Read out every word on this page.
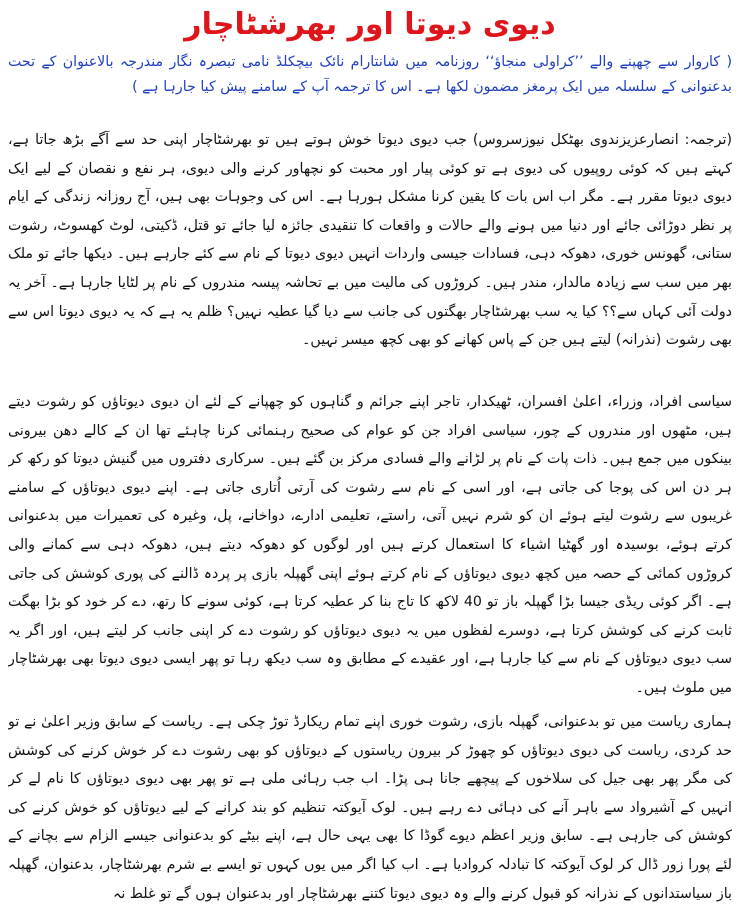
دیوی دیوتا اور بھرشٹاچار

( کاروار سے چھپنے والے ’’کراولی منجاؤ‘‘ روزنامہ میں شانتارام نائک بیچکلڈ نامی تبصرہ نگار مندرجہ بالاعنوان کے تحت بدعنوانی کے سلسلہ میں ایک پرمغز مضمون لکھا ہے۔ اس کا ترجمہ آپ کے سامنے پیش کیا جارہا ہے )

(ترجمہ: انصارعزیزندوی بھٹکل نیوزسروس) جب دیوی دیوتا خوش ہوتے ہیں تو بھرشٹاچار اپنی حد سے آگے بڑھ جاتا ہے، کہتے ہیں کہ کوئی روپیوں کی دیوی ہے تو کوئی پیار اور محبت کو نچھاور کرنے والی دیوی، ہر نفع و نقصان کے لیے ایک دیوی دیوتا مقرر ہے۔ مگر اب اس بات کا یقین کرنا مشکل ہورہا ہے۔ اس کی وجوہات بھی ہیں، آج روزانہ زندگی کے ایام پر نظر دوڑائی جائے اور دنیا میں ہونے والے حالات و واقعات کا تنقیدی جائزہ لیا جائے تو قتل، ڈکیتی، لوٹ کھسوٹ، رشوت ستانی، گھونس خوری، دھوکہ دہی، فسادات جیسی واردات انہیں دیوی دیوتا کے نام سے کئے جارہے ہیں۔ دیکھا جائے تو ملک بھر میں سب سے زیادہ مالدار، مندر ہیں۔ کروڑوں کی مالیت میں بے تحاشہ پیسہ مندروں کے نام پر لٹایا جارہا ہے۔ آخر یہ دولت آئی کہاں سے؟؟ کیا یہ سب بھرشٹاچار بھگتوں کی جانب سے دیا گیا عطیہ نہیں؟ ظلم یہ ہے کہ یہ دیوی دیوتا اس سے بھی رشوت (نذرانہ) لیتے ہیں جن کے پاس کھانے کو بھی کچھ میسر نہیں۔

سیاسی افراد، وزراء، اعلیٰ افسران، ٹھیکدار، تاجر اپنے جرائم و گناہوں کو چھپانے کے لئے ان دیوی دیوتاؤں کو رشوت دیتے ہیں، مٹھوں اور مندروں کے چور، سیاسی افراد جن کو عوام کی صحیح رہنمائی کرنا چاہئے تھا ان کے کالے دھن بیرونی بینکوں میں جمع ہیں۔ ذات پات کے نام پر لڑانے والے فسادی مرکز بن گئے ہیں۔ سرکاری دفتروں میں گنیش دیوتا کو رکھ کر ہر دن اس کی پوجا کی جاتی ہے، اور اسی کے نام سے رشوت کی آرتی اُتاری جاتی ہے۔ اپنے دیوی دیوتاؤں کے سامنے غریبوں سے رشوت لیتے ہوئے ان کو شرم نہیں آتی، راستے، تعلیمی ادارے، دواخانے، پل، وغیرہ کی تعمیرات میں بدعنوانی کرتے ہوئے، بوسیدہ اور گھٹیا اشیاء کا استعمال کرتے ہیں اور لوگوں کو دھوکہ دیتے ہیں، دھوکہ دہی سے کمانے والی کروڑوں کمائی کے حصہ میں کچھ دیوی دیوتاؤں کے نام کرتے ہوئے اپنی گھپلہ بازی پر پردہ ڈالنے کی پوری کوشش کی جاتی ہے۔ اگر کوئی ریڈی جیسا بڑا گھپلہ باز تو 40 لاکھ کا تاج بنا کر عطیہ کرتا ہے، کوئی سونے کا رتھ، دے کر خود کو بڑا بھگت ثابت کرنے کی کوشش کرتا ہے، دوسرے لفظوں میں یہ دیوی دیوتاؤں کو رشوت دے کر اپنی جانب کر لیتے ہیں، اور اگر یہ سب دیوی دیوتاؤں کے نام سے کیا جارہا ہے، اور عقیدے کے مطابق وہ سب دیکھ رہا تو پھر ایسی دیوی دیوتا بھی بھرشٹاچار میں ملوث ہیں۔

ہماری ریاست میں تو بدعنوانی، گھپلہ بازی، رشوت خوری اپنے تمام ریکارڈ توڑ چکی ہے۔ ریاست کے سابق وزیر اعلیٰ نے تو حد کردی، ریاست کی دیوی دیوتاؤں کو چھوڑ کر بیرون ریاستوں کے دیوتاؤں کو بھی رشوت دے کر خوش کرنے کی کوشش کی مگر پھر بھی جیل کی سلاخوں کے پیچھے جانا ہی پڑا۔ اب جب رہائی ملی ہے تو پھر بھی دیوی دیوتاؤں کا نام لے کر انہیں کے آشیرواد سے باہر آنے کی دہائی دے رہے ہیں۔ لوک آیوکتہ تنظیم کو بند کرانے کے لیے دیوتاؤں کو خوش کرنے کی کوشش کی جارہی ہے۔ سابق وزیر اعظم دیوے گوڈا کا بھی یہی حال ہے، اپنے بیٹے کو بدعنوانی جیسے الزام سے بچانے کے لئے پورا زور ڈال کر لوک آیوکتہ کا تبادلہ کروادیا ہے۔ اب کیا اگر میں یوں کہوں تو ایسے بے شرم بھرشٹاچار، بدعنوان، گھپلہ باز سیاستدانوں کے نذرانہ کو قبول کرنے والے وہ دیوی دیوتا کتنے بھرشٹاچار اور بدعنوان ہوں گے تو غلط نہ
